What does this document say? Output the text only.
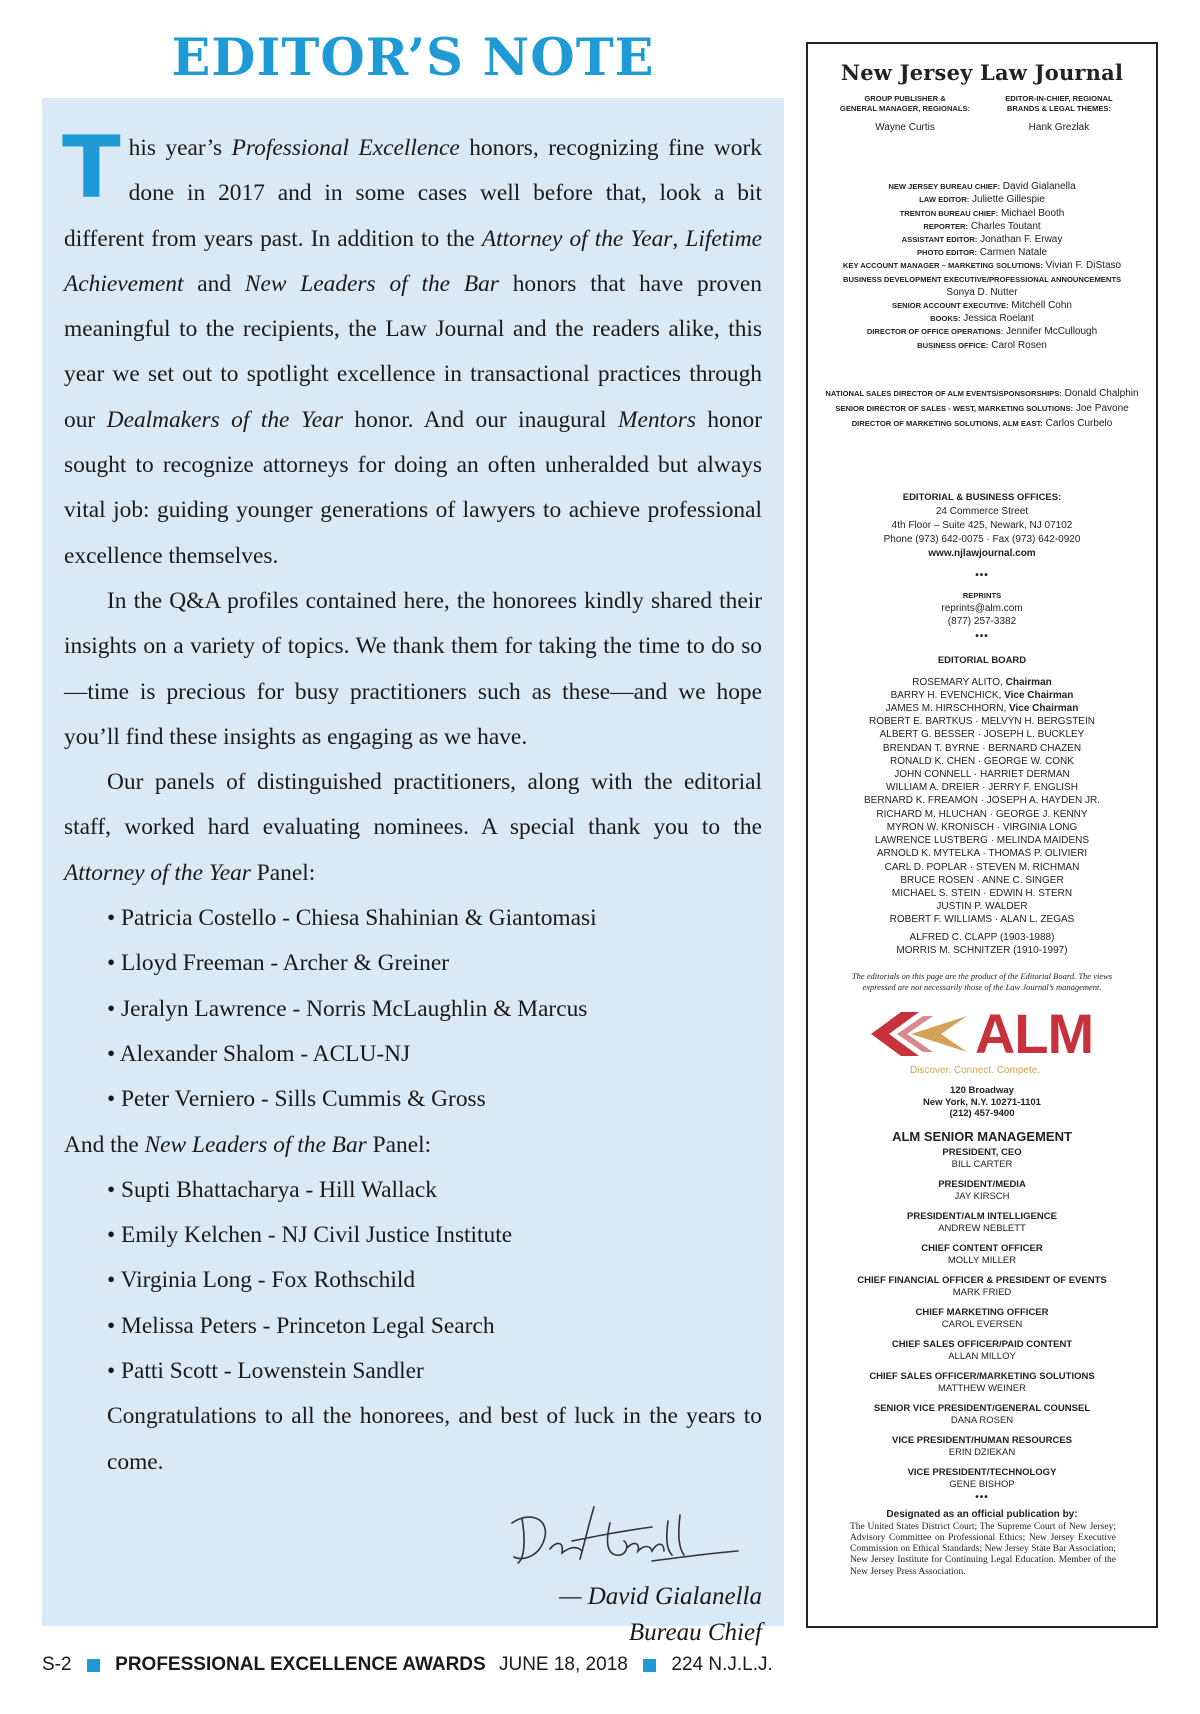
EDITOR’S NOTE

This year’s Professional Excellence honors, recognizing fine work done in 2017 and in some cases well before that, look a bit different from years past. In addition to the Attorney of the Year, Lifetime Achievement and New Leaders of the Bar honors that have proven meaningful to the recipients, the Law Journal and the readers alike, this year we set out to spotlight excellence in transactional practices through our Dealmakers of the Year honor. And our inaugural Mentors honor sought to recognize attorneys for doing an often unheralded but always vital job: guiding younger generations of lawyers to achieve professional excellence themselves.

In the Q&A profiles contained here, the honorees kindly shared their insights on a variety of topics. We thank them for taking the time to do so—time is precious for busy practitioners such as these—and we hope you’ll find these insights as engaging as we have.

Our panels of distinguished practitioners, along with the editorial staff, worked hard evaluating nominees. A special thank you to the Attorney of the Year Panel:

• Patricia Costello - Chiesa Shahinian & Giantomasi
• Lloyd Freeman - Archer & Greiner
• Jeralyn Lawrence - Norris McLaughlin & Marcus
• Alexander Shalom - ACLU-NJ
• Peter Verniero - Sills Cummis & Gross

And the New Leaders of the Bar Panel:

• Supti Bhattacharya - Hill Wallack
• Emily Kelchen - NJ Civil Justice Institute
• Virginia Long - Fox Rothschild
• Melissa Peters - Princeton Legal Search
• Patti Scott - Lowenstein Sandler

Congratulations to all the honorees, and best of luck in the years to come.

— David Gialanella
Bureau Chief
S-2 PROFESSIONAL EXCELLENCE AWARDS JUNE 18, 2018 224 N.J.L.J.
New Jersey Law Journal
GROUP PUBLISHER &
GENERAL MANAGER, REGIONALS:
Wayne Curtis
EDITOR-IN-CHIEF, REGIONAL
BRANDS & LEGAL THEMES:
Hank Grezlak
NEW JERSEY BUREAU CHIEF: David Gialanella
LAW EDITOR: Juliette Gillespie
TRENTON BUREAU CHIEF: Michael Booth
REPORTER: Charles Toutant
ASSISTANT EDITOR: Jonathan F. Erway
PHOTO EDITOR: Carmen Natale
KEY ACCOUNT MANAGER – MARKETING SOLUTIONS: Vivian F. DiStaso
BUSINESS DEVELOPMENT EXECUTIVE/PROFESSIONAL ANNOUNCEMENTS
Sonya D. Nutter
SENIOR ACCOUNT EXECUTIVE: Mitchell Cohn
BOOKS: Jessica Roelant
DIRECTOR OF OFFICE OPERATIONS: Jennifer McCullough
BUSINESS OFFICE: Carol Rosen
NATIONAL SALES DIRECTOR OF ALM EVENTS/SPONSORSHIPS: Donald Chalphin
SENIOR DIRECTOR OF SALES - WEST, MARKETING SOLUTIONS: Joe Pavone
DIRECTOR OF MARKETING SOLUTIONS, ALM EAST: Carlos Curbelo
EDITORIAL & BUSINESS OFFICES:
24 Commerce Street
4th Floor – Suite 425, Newark, NJ 07102
Phone (973) 642-0075 · Fax (973) 642-0920
www.njlawjournal.com
•••
REPRINTS
reprints@alm.com
(877) 257-3382
•••
EDITORIAL BOARD
ROSEMARY ALITO, Chairman
BARRY H. EVENCHICK, Vice Chairman
JAMES M. HIRSCHHORN, Vice Chairman
ROBERT E. BARTKUS · MELVYN H. BERGSTEIN
ALBERT G. BESSER · JOSEPH L. BUCKLEY
BRENDAN T. BYRNE · BERNARD CHAZEN
RONALD K. CHEN · GEORGE W. CONK
JOHN CONNELL · HARRIET DERMAN
WILLIAM A. DREIER · JERRY F. ENGLISH
BERNARD K. FREAMON · JOSEPH A. HAYDEN JR.
RICHARD M. HLUCHAN · GEORGE J. KENNY
MYRON W. KRONISCH · VIRGINIA LONG
LAWRENCE LUSTBERG · MELINDA MAIDENS
ARNOLD K. MYTELKA · THOMAS P. OLIVIERI
CARL D. POPLAR · STEVEN M. RICHMAN
BRUCE ROSEN · ANNE C. SINGER
MICHAEL S. STEIN · EDWIN H. STERN
JUSTIN P. WALDER
ROBERT F. WILLIAMS · ALAN L. ZEGAS
ALFRED C. CLAPP (1903-1988)
MORRIS M. SCHNITZER (1910-1997)
The editorials on this page are the product of the Editorial Board. The views expressed are not necessarily those of the Law Journal’s management.
ALM
Discover. Connect. Compete.
120 Broadway
New York, N.Y. 10271-1101
(212) 457-9400
ALM SENIOR MANAGEMENT
PRESIDENT, CEO
BILL CARTER
PRESIDENT/MEDIA
JAY KIRSCH
PRESIDENT/ALM INTELLIGENCE
ANDREW NEBLETT
CHIEF CONTENT OFFICER
MOLLY MILLER
CHIEF FINANCIAL OFFICER & PRESIDENT OF EVENTS
MARK FRIED
CHIEF MARKETING OFFICER
CAROL EVERSEN
CHIEF SALES OFFICER/PAID CONTENT
ALLAN MILLOY
CHIEF SALES OFFICER/MARKETING SOLUTIONS
MATTHEW WEINER
SENIOR VICE PRESIDENT/GENERAL COUNSEL
DANA ROSEN
VICE PRESIDENT/HUMAN RESOURCES
ERIN DZIEKAN
VICE PRESIDENT/TECHNOLOGY
GENE BISHOP
•••
Designated as an official publication by:
The United States District Court; The Supreme Court of New Jersey; Advisory Committee on Professional Ethics; New Jersey Executive Commission on Ethical Standards; New Jersey State Bar Association; New Jersey Institute for Continuing Legal Education. Member of the New Jersey Press Association.
